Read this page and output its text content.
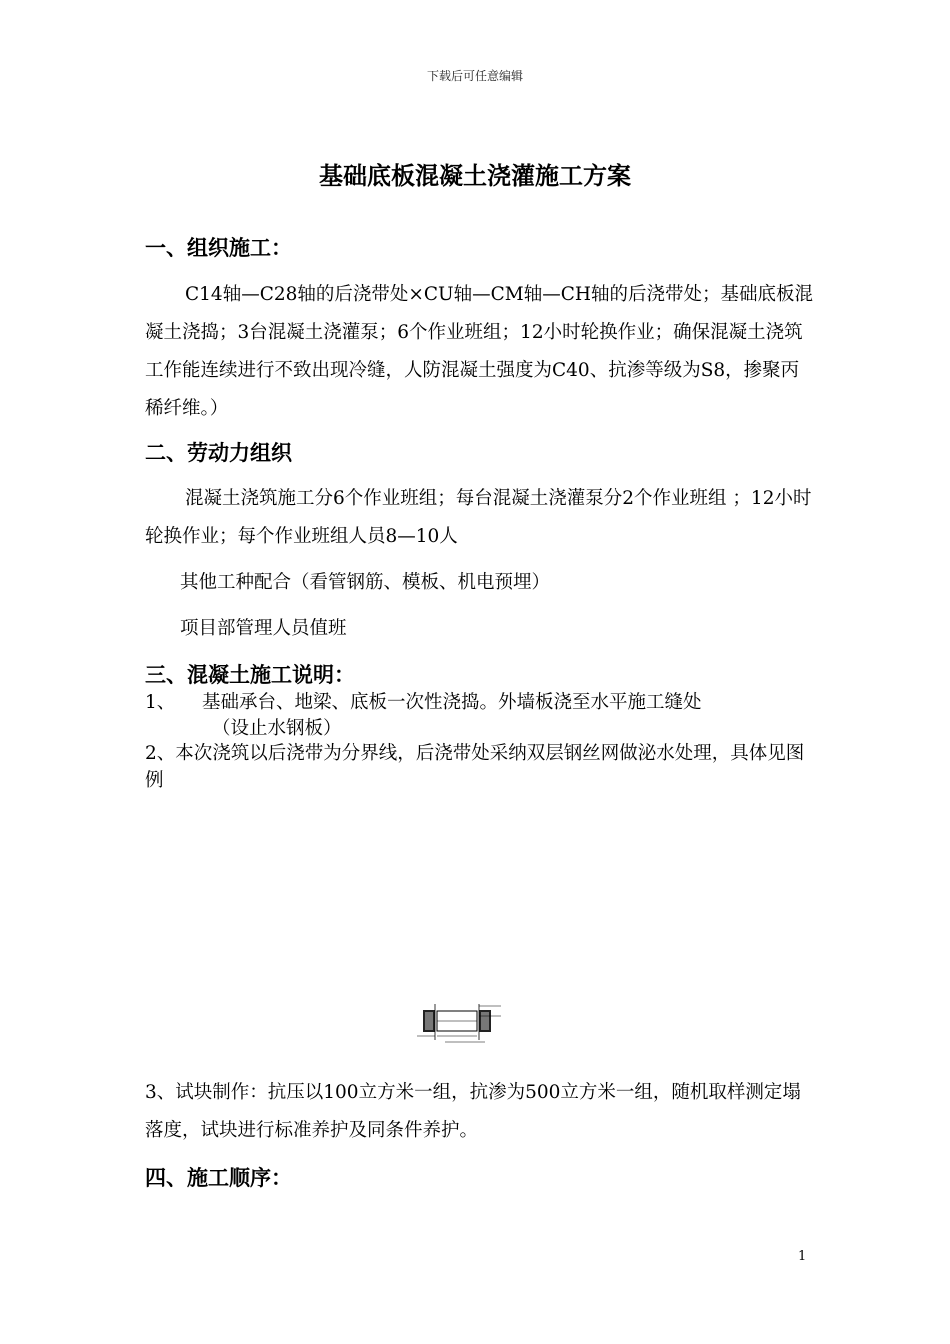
下载后可任意编辑
基础底板混凝土浇灌施工方案
一、组织施工：
C14轴—C28轴的后浇带处×CU轴—CM轴—CH轴的后浇带处；基础底板混凝土浇捣；3台混凝土浇灌泵；6个作业班组；12小时轮换作业；确保混凝土浇筑工作能连续进行不致出现冷缝，人防混凝土强度为C40、抗渗等级为S8，掺聚丙稀纤维。）
二、劳动力组织
混凝土浇筑施工分6个作业班组；每台混凝土浇灌泵分2个作业班组 ；12小时轮换作业；每个作业班组人员8—10人
其他工种配合（看管钢筋、模板、机电预埋）
项目部管理人员值班
三、混凝土施工说明：
1、 基础承台、地梁、底板一次性浇捣。外墙板浇至水平施工缝处
（设止水钢板）
2、本次浇筑以后浇带为分界线，后浇带处采纳双层钢丝网做泌水处理，具体见图例
3、试块制作：抗压以100立方米一组，抗渗为500立方米一组，随机取样测定塌落度，试块进行标准养护及同条件养护。
四、施工顺序：
1
